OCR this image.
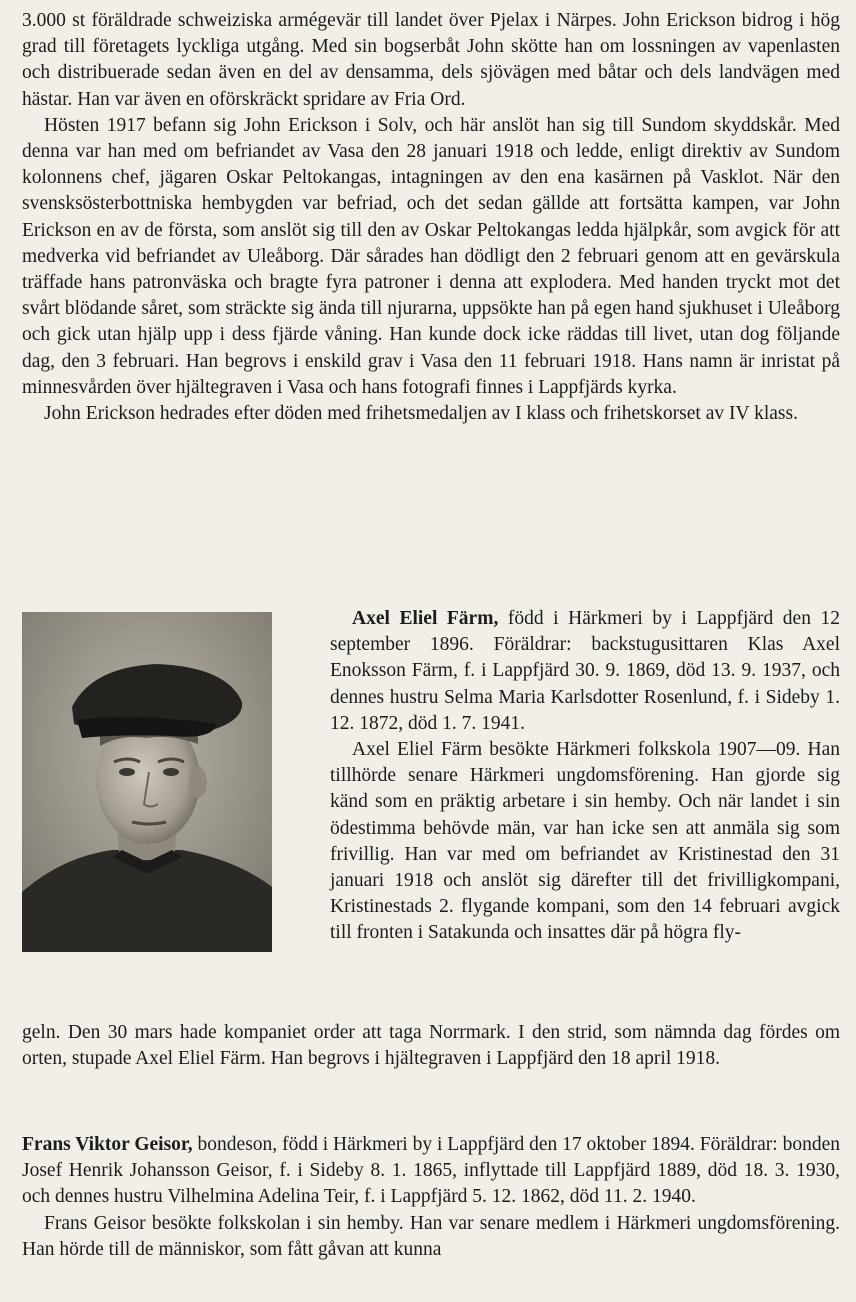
3.000 st föräldrade schweiziska armégevär till landet över Pjelax i Närpes. John Erickson bidrog i hög grad till företagets lyckliga utgång. Med sin bogserbåt John skötte han om lossningen av vapenlasten och distribuerade sedan även en del av densamma, dels sjövägen med båtar och dels landvägen med hästar. Han var även en oförskräckt spridare av Fria Ord.

Hösten 1917 befann sig John Erickson i Solv, och här anslöt han sig till Sundom skyddskår. Med denna var han med om befriandet av Vasa den 28 januari 1918 och ledde, enligt direktiv av Sundom kolonnens chef, jägaren Oskar Peltokangas, intagningen av den ena kasärnen på Vasklot. När den svensksösterbottniska hembygden var befriad, och det sedan gällde att fortsätta kampen, var John Erickson en av de första, som anslöt sig till den av Oskar Peltokangas ledda hjälpkår, som avgick för att medverka vid befriandet av Uleåborg. Där sårades han dödligt den 2 februari genom att en gevärskula träffade hans patronväska och bragte fyra patroner i denna att explodera. Med handen tryckt mot det svårt blödande såret, som sträckte sig ända till njurarna, uppsökte han på egen hand sjukhuset i Uleåborg och gick utan hjälp upp i dess fjärde våning. Han kunde dock icke räddas till livet, utan dog följande dag, den 3 februari. Han begrovs i enskild grav i Vasa den 11 februari 1918. Hans namn är inristat på minnesvården över hjältegraven i Vasa och hans fotografi finnes i Lappfjärds kyrka.

John Erickson hedrades efter döden med frihetsmedaljen av I klass och frihetskorset av IV klass.

Axel Eliel Färm, född i Härkmeri by i Lappfjärd den 12 september 1896. Föräldrar: backstugusittaren Klas Axel Enoksson Färm, f. i Lappfjärd 30. 9. 1869, död 13. 9. 1937, och dennes hustru Selma Maria Karlsdotter Rosenlund, f. i Sideby 1. 12. 1872, död 1. 7. 1941.

Axel Eliel Färm besökte Härkmeri folkskola 1907—09. Han tillhörde senare Härkmeri ungdomsförening. Han gjorde sig känd som en präktig arbetare i sin hemby. Och när landet i sin ödestimma behövde män, var han icke sen att anmäla sig som frivillig. Han var med om befriandet av Kristinestad den 31 januari 1918 och anslöt sig därefter till det frivilligkompani, Kristinestads 2. flygande kompani, som den 14 februari avgick till fronten i Satakunda och insattes där på högra fly-

geln. Den 30 mars hade kompaniet order att taga Norrmark. I den strid, som nämnda dag fördes om orten, stupade Axel Eliel Färm. Han begrovs i hjältegraven i Lappfjärd den 18 april 1918.

Frans Viktor Geisor, bondeson, född i Härkmeri by i Lappfjärd den 17 oktober 1894. Föräldrar: bonden Josef Henrik Johansson Geisor, f. i Sideby 8. 1. 1865, inflyttade till Lappfjärd 1889, död 18. 3. 1930, och dennes hustru Vilhelmina Adelina Teir, f. i Lappfjärd 5. 12. 1862, död 11. 2. 1940.

Frans Geisor besökte folkskolan i sin hemby. Han var senare medlem i Härkmeri ungdomsförening. Han hörde till de människor, som fått gåvan att kunna
